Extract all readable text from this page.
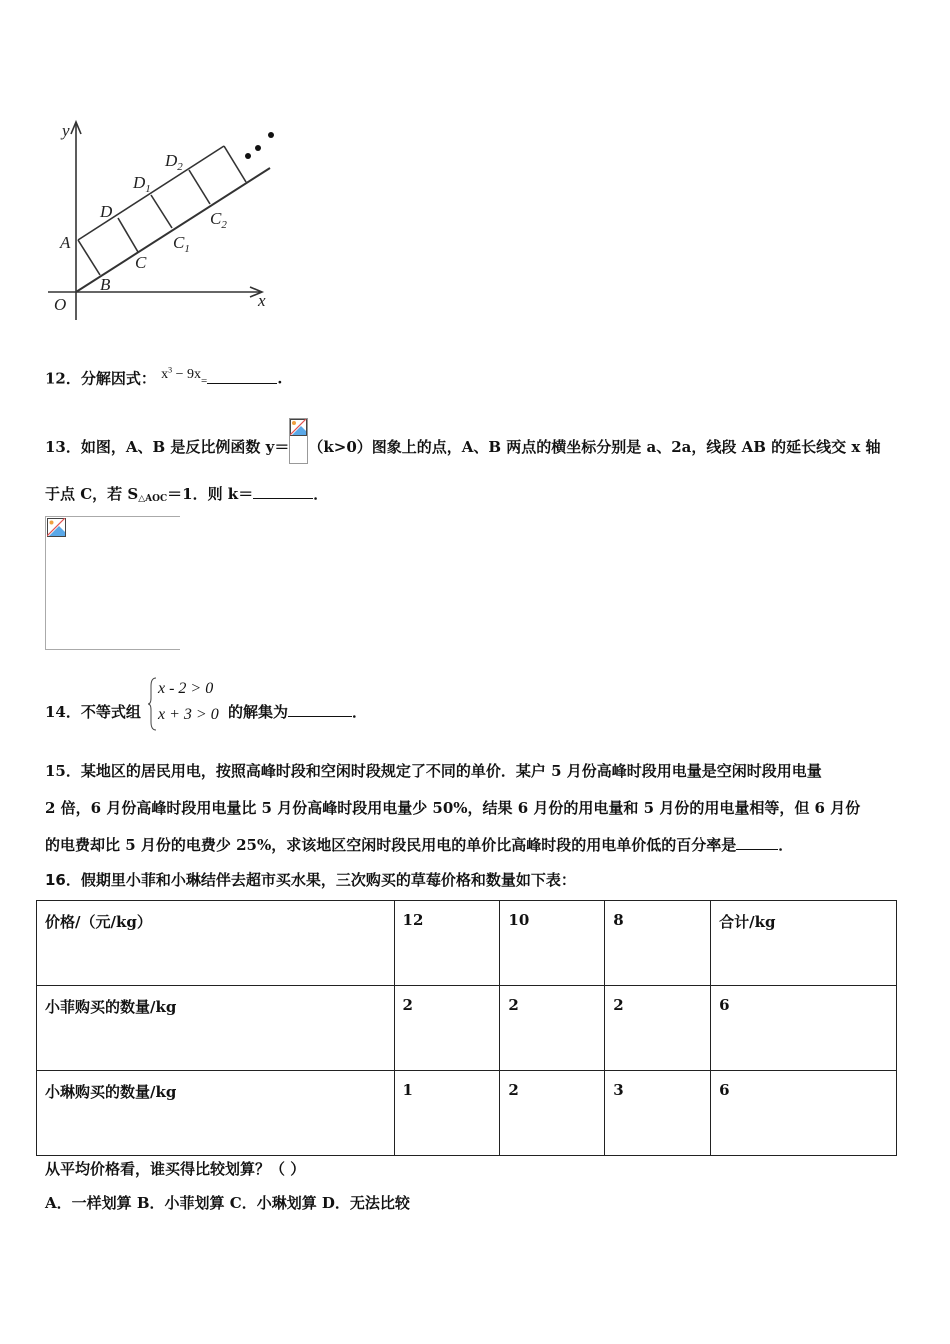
y
x
O
A
B
C
D
$C_1$
$D_1$
$C_2$
$D_2$
12．分解因式： $x^3 - 9x_=$	.
13．如图，A、B 是反比例函数 y＝ （k>0）图象上的点，A、B 两点的横坐标分别是 a、2a，线段 AB 的延长线交 x 轴
于点 C，若 $S_{\triangle AOC}=1$．则 k＝	．
14．不等式组
x - 2 > 0
x + 3 > 0 的解集为	．
15．某地区的居民用电，按照高峰时段和空闲时段规定了不同的单价．某户 5 月份高峰时段用电量是空闲时段用电量
2 倍，6 月份高峰时段用电量比 5 月份高峰时段用电量少 50%，结果 6 月份的用电量和 5 月份的用电量相等，但 6 月份
的电费却比 5 月份的电费少 25%，求该地区空闲时段民用电的单价比高峰时段的用电单价低的百分率是	．
16．假期里小菲和小琳结伴去超市买水果，三次购买的草莓价格和数量如下表：
价格/（元/kg）	12	10	8	合计/kg
小菲购买的数量/kg	2	2	2	6
小琳购买的数量/kg	1	2	3	6
从平均价格看，谁买得比较划算？（ ）
A．一样划算 B．小菲划算 C．小琳划算 D．无法比较
